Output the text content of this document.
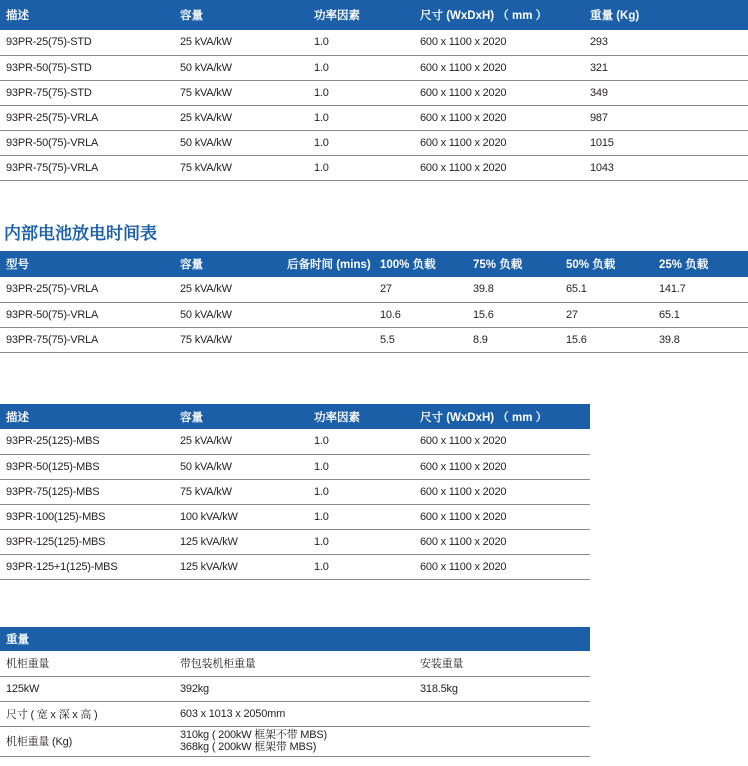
描述	容量	功率因素	尺寸 (WxDxH) （ mm ）	重量 (Kg)
93PR-25(75)-STD	25 kVA/kW	1.0	600 x 1100 x 2020	293
93PR-50(75)-STD	50 kVA/kW	1.0	600 x 1100 x 2020	321
93PR-75(75)-STD	75 kVA/kW	1.0	600 x 1100 x 2020	349
93PR-25(75)-VRLA	25 kVA/kW	1.0	600 x 1100 x 2020	987
93PR-50(75)-VRLA	50 kVA/kW	1.0	600 x 1100 x 2020	1015
93PR-75(75)-VRLA	75 kVA/kW	1.0	600 x 1100 x 2020	1043
内部电池放电时间表
型号	容量	后备时间 (mins)	100% 负载	75% 负载	50% 负载	25% 负载
93PR-25(75)-VRLA	25 kVA/kW		27	39.8	65.1	141.7
93PR-50(75)-VRLA	50 kVA/kW		10.6	15.6	27	65.1
93PR-75(75)-VRLA	75 kVA/kW		5.5	8.9	15.6	39.8
描述	容量	功率因素	尺寸 (WxDxH) （ mm ）
93PR-25(125)-MBS	25 kVA/kW	1.0	600 x 1100 x 2020
93PR-50(125)-MBS	50 kVA/kW	1.0	600 x 1100 x 2020
93PR-75(125)-MBS	75 kVA/kW	1.0	600 x 1100 x 2020
93PR-100(125)-MBS	100 kVA/kW	1.0	600 x 1100 x 2020
93PR-125(125)-MBS	125 kVA/kW	1.0	600 x 1100 x 2020
93PR-125+1(125)-MBS	125 kVA/kW	1.0	600 x 1100 x 2020
重量		
机柜重量	带包装机柜重量	安装重量
125kW	392kg	318.5kg
尺寸 ( 宽 x 深 x 高 )	603 x 1013 x 2050mm	
机柜重量 (Kg)	310kg ( 200kW 框架不带 MBS)
368kg ( 200kW 框架带 MBS)	
